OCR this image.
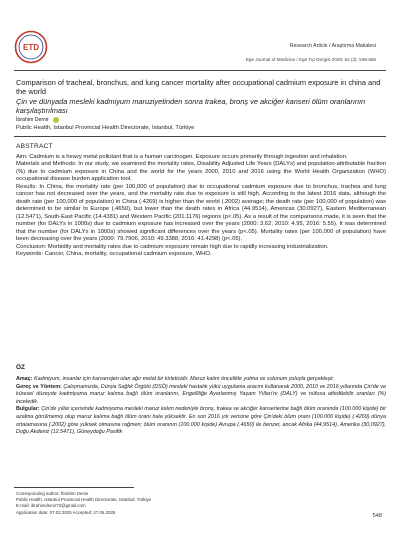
ETD	Research Article / Araştırma Makalesi
Ege Journal of Medicine / Ege Tıp Dergisi 2025; 64 (3): 548-556
Comparison of tracheal, bronchus, and lung cancer mortality after occupational cadmium exposure in china and the world
Çin ve dünyada mesleki kadmiyum maruziyetinden sonra trakea, bronş ve akciğer kanseri ölüm oranlarının karşılaştırılması
İbrahim Demir
Public Health, Istanbul Provincial Health Directorate, Istanbul, Türkiye
ABSTRACT

Aim: Cadmium is a heavy metal pollutant that is a human carcinogen. Exposure occurs primarily through ingestion and inhalation.

Materials and Methods: In our study, we examined the mortality rates, Disability Adjusted Life Years (DALYs) and population-attributable fraction (%) due to cadmium exposure in China and the world for the years 2000, 2010 and 2016 using the World Health Organization (WHO) occupational disease burden application tool.

Results: In China, the mortality rate (per 100,000 of population) due to occupational cadmium exposure due to bronchus, trachea and lung cancer has not decreased over the years, and the mortality rate due to exposure is still high. According to the latest 2016 data, although the death rate (per 100,000 of population) in China (.4269) is higher than the world (.2002) average; the death rate (per 100,000 of population) was determined to be similar to Europe (.4650), but lower than the death rates in Africa (44.9514), Americas (30.0927), Eastern Mediterranean (12.5471), South-East Pacific (14.4381) and Western Pacific (201.1176) regions (p<.05). As a result of the comparisons made, it is seen that the number (for DALYs in 1000s) due to cadmium exposure has increased over the years (2000: 3.62, 2010: 4.95, 2016: 5.55). It was determined that the number (for DALYs in 1000s) showed significant differences over the years (p<.05). Mortality rates (per 100,000 of population) have been decreasing over the years (2000: 79.7906, 2010: 49.3388, 2016: 41.4298) (p<.05).

Conclusion: Morbidity and mortality rates due to cadmium exposure remain high due to rapidly increasing industrialization.

Keywords: Cancer, China, mortality, occupational cadmium exposure, WHO.

ÖZ

Amaç: Kadmiyum, insanlar için kanserojen olan ağır metal bir kirleticidir. Maruz kalım öncelikle yutma ve solunum yoluyla gerçekleşir.

Gereç ve Yöntem: Çalışmamızda, Dünya Sağlık Örgütü (DSÖ) mesleki hastalık yükü uygulama aracını kullanarak 2000, 2010 ve 2016 yıllarında Çin'de ve küresel düzeyde kadmiyuma maruz kalıma bağlı ölüm oranlarını, Engelliliğe Ayarlanmış Yaşam Yılları'nı (DALY) ve nüfusa atfedilebilir oranları (%) inceledik.

Bulgular: Çin'de yıllar içerisinde kadmiyuma mesleki maruz kalım nedeniyle bronş, trakea ve akciğer kanserlerine bağlı ölüm oranında (100.000 kişide) bir azalma görülmemiş olup maruz kalıma bağlı ölüm oranı hala yüksektir. En son 2016 yılı verisine göre Çin'deki ölüm oranı (100.000 kişide) (.4269) dünya ortalamasına (.2002) göre yüksek olmasına rağmen; ölüm oranının (100.000 kişide) Avrupa (.4650) ile benzer, ancak Afrika (44,9514), Amerika (30,0927), Doğu Akdeniz (12,5471), Güneydoğu Pasifik

Corresponding author: İbrahim Demir
Public Health, Istanbul Provincial Health Directorate, Istanbul, Türkiye
E-mail: ibrahimdemir72@gmail.com
Application date: 07.02.2025 Accepted: 27.06.2025
548
